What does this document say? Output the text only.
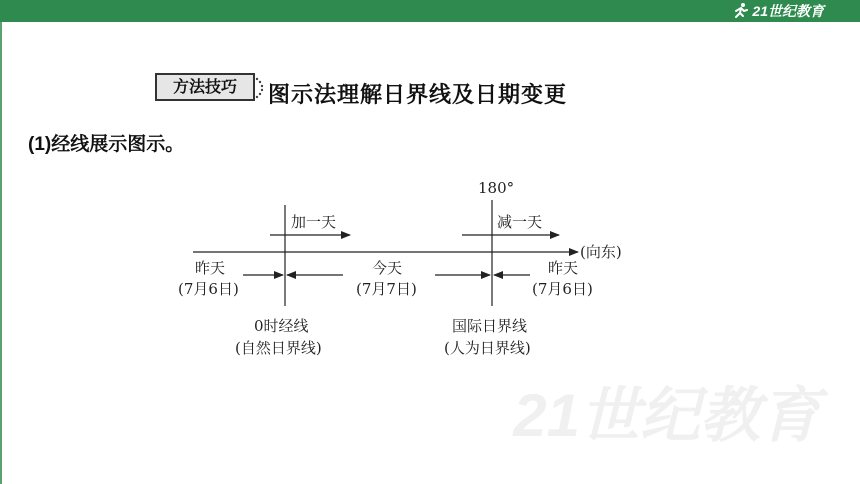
21世纪教育
方法技巧	图示法理解日界线及日期变更
(1)经线展示图示。
180°
加一天	减一天
(向东)
昨天
(7月6日)
今天
(7月7日)
昨天
(7月6日)
0时经线
(自然日界线)
国际日界线
(人为日界线)
21世纪教育
